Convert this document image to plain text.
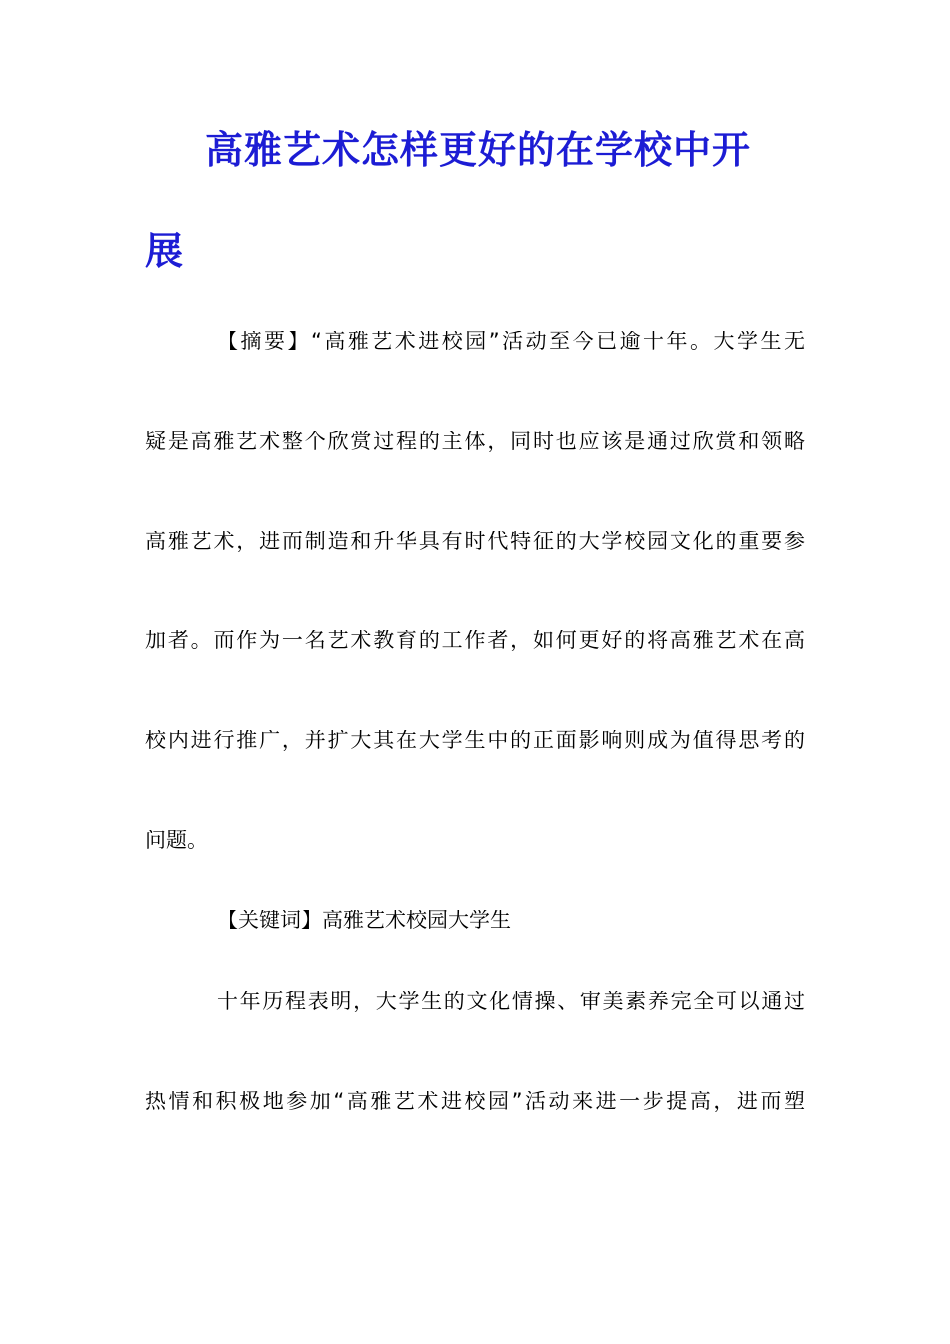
高雅艺术怎样更好的在学校中开
展
【摘要】“高雅艺术进校园”活动至今已逾十年。大学生无
疑是高雅艺术整个欣赏过程的主体，同时也应该是通过欣赏和领略
高雅艺术，进而制造和升华具有时代特征的大学校园文化的重要参
加者。而作为一名艺术教育的工作者，如何更好的将高雅艺术在高
校内进行推广，并扩大其在大学生中的正面影响则成为值得思考的
问题。
【关键词】高雅艺术校园大学生
十年历程表明，大学生的文化情操、审美素养完全可以通过
热情和积极地参加“高雅艺术进校园”活动来进一步提高，进而塑
